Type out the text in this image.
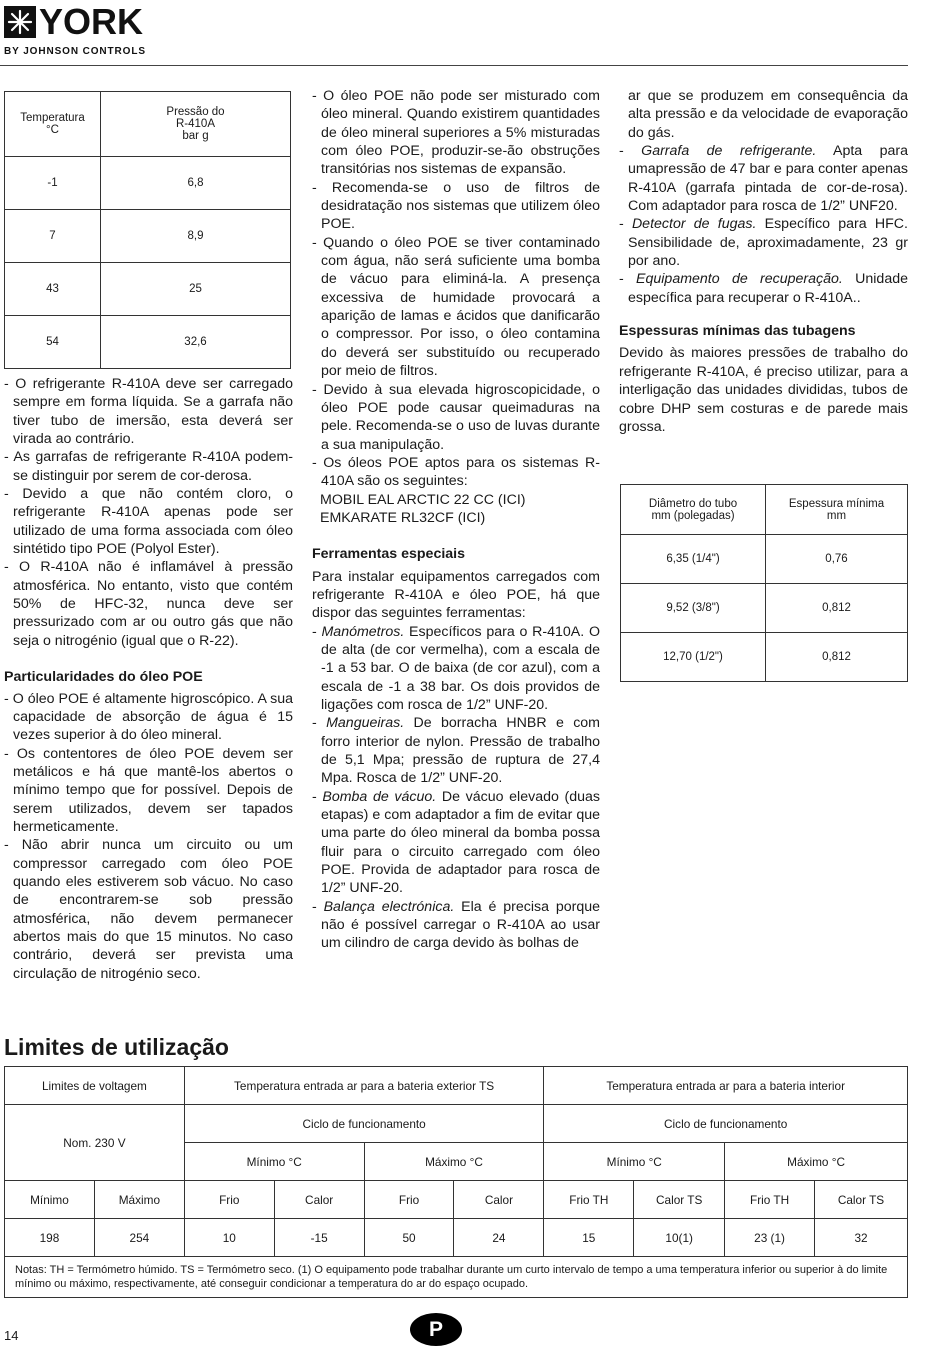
YORK
BY JOHNSON CONTROLS
Temperatura
°C	Pressão do
R-410A
bar g
-1	6,8
7	8,9
43	25
54	32,6

- O refrigerante R-410A deve ser carregado sempre em forma líquida. Se a garrafa não tiver tubo de imersão, esta deverá ser virada ao contrário.

- As garrafas de refrigerante R-410A podem-se distinguir por serem de cor-derosa.

- Devido a que não contém cloro, o refrigerante R-410A apenas pode ser utilizado de uma forma associada com óleo sintétido tipo POE (Polyol Ester).

- O R-410A não é inflamável à pressão atmosférica. No entanto, visto que contém 50% de HFC-32, nunca deve ser pressurizado com ar ou outro gás que não seja o nitrogénio (igual que o R-22).

Particularidades do óleo POE

- O óleo POE é altamente higroscópico. A sua capacidade de absorção de água é 15 vezes superior à do óleo mineral.

- Os contentores de óleo POE devem ser metálicos e há que mantê-los abertos o mínimo tempo que for possível. Depois de serem utilizados, devem ser tapados hermeticamente.

- Não abrir nunca um circuito ou um compressor carregado com óleo POE quando eles estiverem sob vácuo. No caso de encontrarem-se sob pressão atmosférica, não devem permanecer abertos mais do que 15 minutos. No caso contrário, deverá ser prevista uma circulação de nitrogénio seco.

- O óleo POE não pode ser misturado com óleo mineral. Quando existirem quantidades de óleo mineral superiores a 5% misturadas com óleo POE, produzir-se-ão obstruções transitórias nos sistemas de expansão.

- Recomenda-se o uso de filtros de desidratação nos sistemas que utilizem óleo POE.

- Quando o óleo POE se tiver contaminado com água, não será suficiente uma bomba de vácuo para eliminá-la. A presença excessiva de humidade provocará a aparição de lamas e ácidos que danificarão o compressor. Por isso, o óleo contamina do deverá ser substituído ou recuperado por meio de filtros.

- Devido à sua elevada higroscopicidade, o óleo POE pode causar queimaduras na pele. Recomenda-se o uso de luvas durante a sua manipulação.

- Os óleos POE aptos para os sistemas R-410A são os seguintes:

MOBIL EAL ARCTIC 22 CC (ICI)

EMKARATE RL32CF (ICI)

Ferramentas especiais

Para instalar equipamentos carregados com refrigerante R-410A e óleo POE, há que dispor das seguintes ferramentas:

- Manómetros. Específicos para o R-410A. O de alta (de cor vermelha), com a escala de -1 a 53 bar. O de baixa (de cor azul), com a escala de -1 a 38 bar. Os dois providos de ligações com rosca de 1/2” UNF-20.

- Mangueiras. De borracha HNBR e com forro interior de nylon. Pressão de trabalho de 5,1 Mpa; pressão de ruptura de 27,4 Mpa. Rosca de 1/2” UNF-20.

- Bomba de vácuo. De vácuo elevado (duas etapas) e com adaptador a fim de evitar que uma parte do óleo mineral da bomba possa fluir para o circuito carregado com óleo POE. Provida de adaptador para rosca de 1/2” UNF-20.

- Balança electrónica. Ela é precisa porque não é possível carregar o R-410A ao usar um cilindro de carga devido às bolhas de

ar que se produzem em consequência da alta pressão e da velocidade de evaporação do gás.

- Garrafa de refrigerante. Apta para umapressão de 47 bar e para conter apenas R-410A (garrafa pintada de cor-de-rosa). Com adaptador para rosca de 1/2” UNF20.

- Detector de fugas. Específico para HFC. Sensibilidade de, aproximadamente, 23 gr por ano.

- Equipamento de recuperação. Unidade específica para recuperar o R-410A..

Espessuras mínimas das tubagens

Devido às maiores pressões de trabalho do refrigerante R-410A, é preciso utilizar, para a interligação das unidades divididas, tubos de cobre DHP sem costuras e de parede mais grossa.

Diâmetro do tubo
mm (polegadas)	Espessura mínima
mm
6,35 (1/4")	0,76
9,52 (3/8")	0,812
12,70 (1/2")	0,812
Limites de utilização
Limites de voltagem		Temperatura entrada ar para a bateria exterior TS				Temperatura entrada ar para a bateria interior			
Nom. 230 V		Ciclo de funcionamento				Ciclo de funcionamento			
		Mínimo °C		Máximo °C		Mínimo °C		Máximo °C	
Mínimo	Máximo	Frio	Calor	Frio	Calor	Frio TH	Calor TS	Frio TH	Calor TS
198	254	10	-15	50	24	15	10(1)	23 (1)	32
Notas: TH = Termómetro húmido. TS = Termómetro seco. (1) O equipamento pode trabalhar durante um curto intervalo de tempo a uma temperatura inferior ou superior à do limite mínimo ou máximo, respectivamente, até conseguir condicionar a temperatura do ar do espaço ocupado.									
14	P
